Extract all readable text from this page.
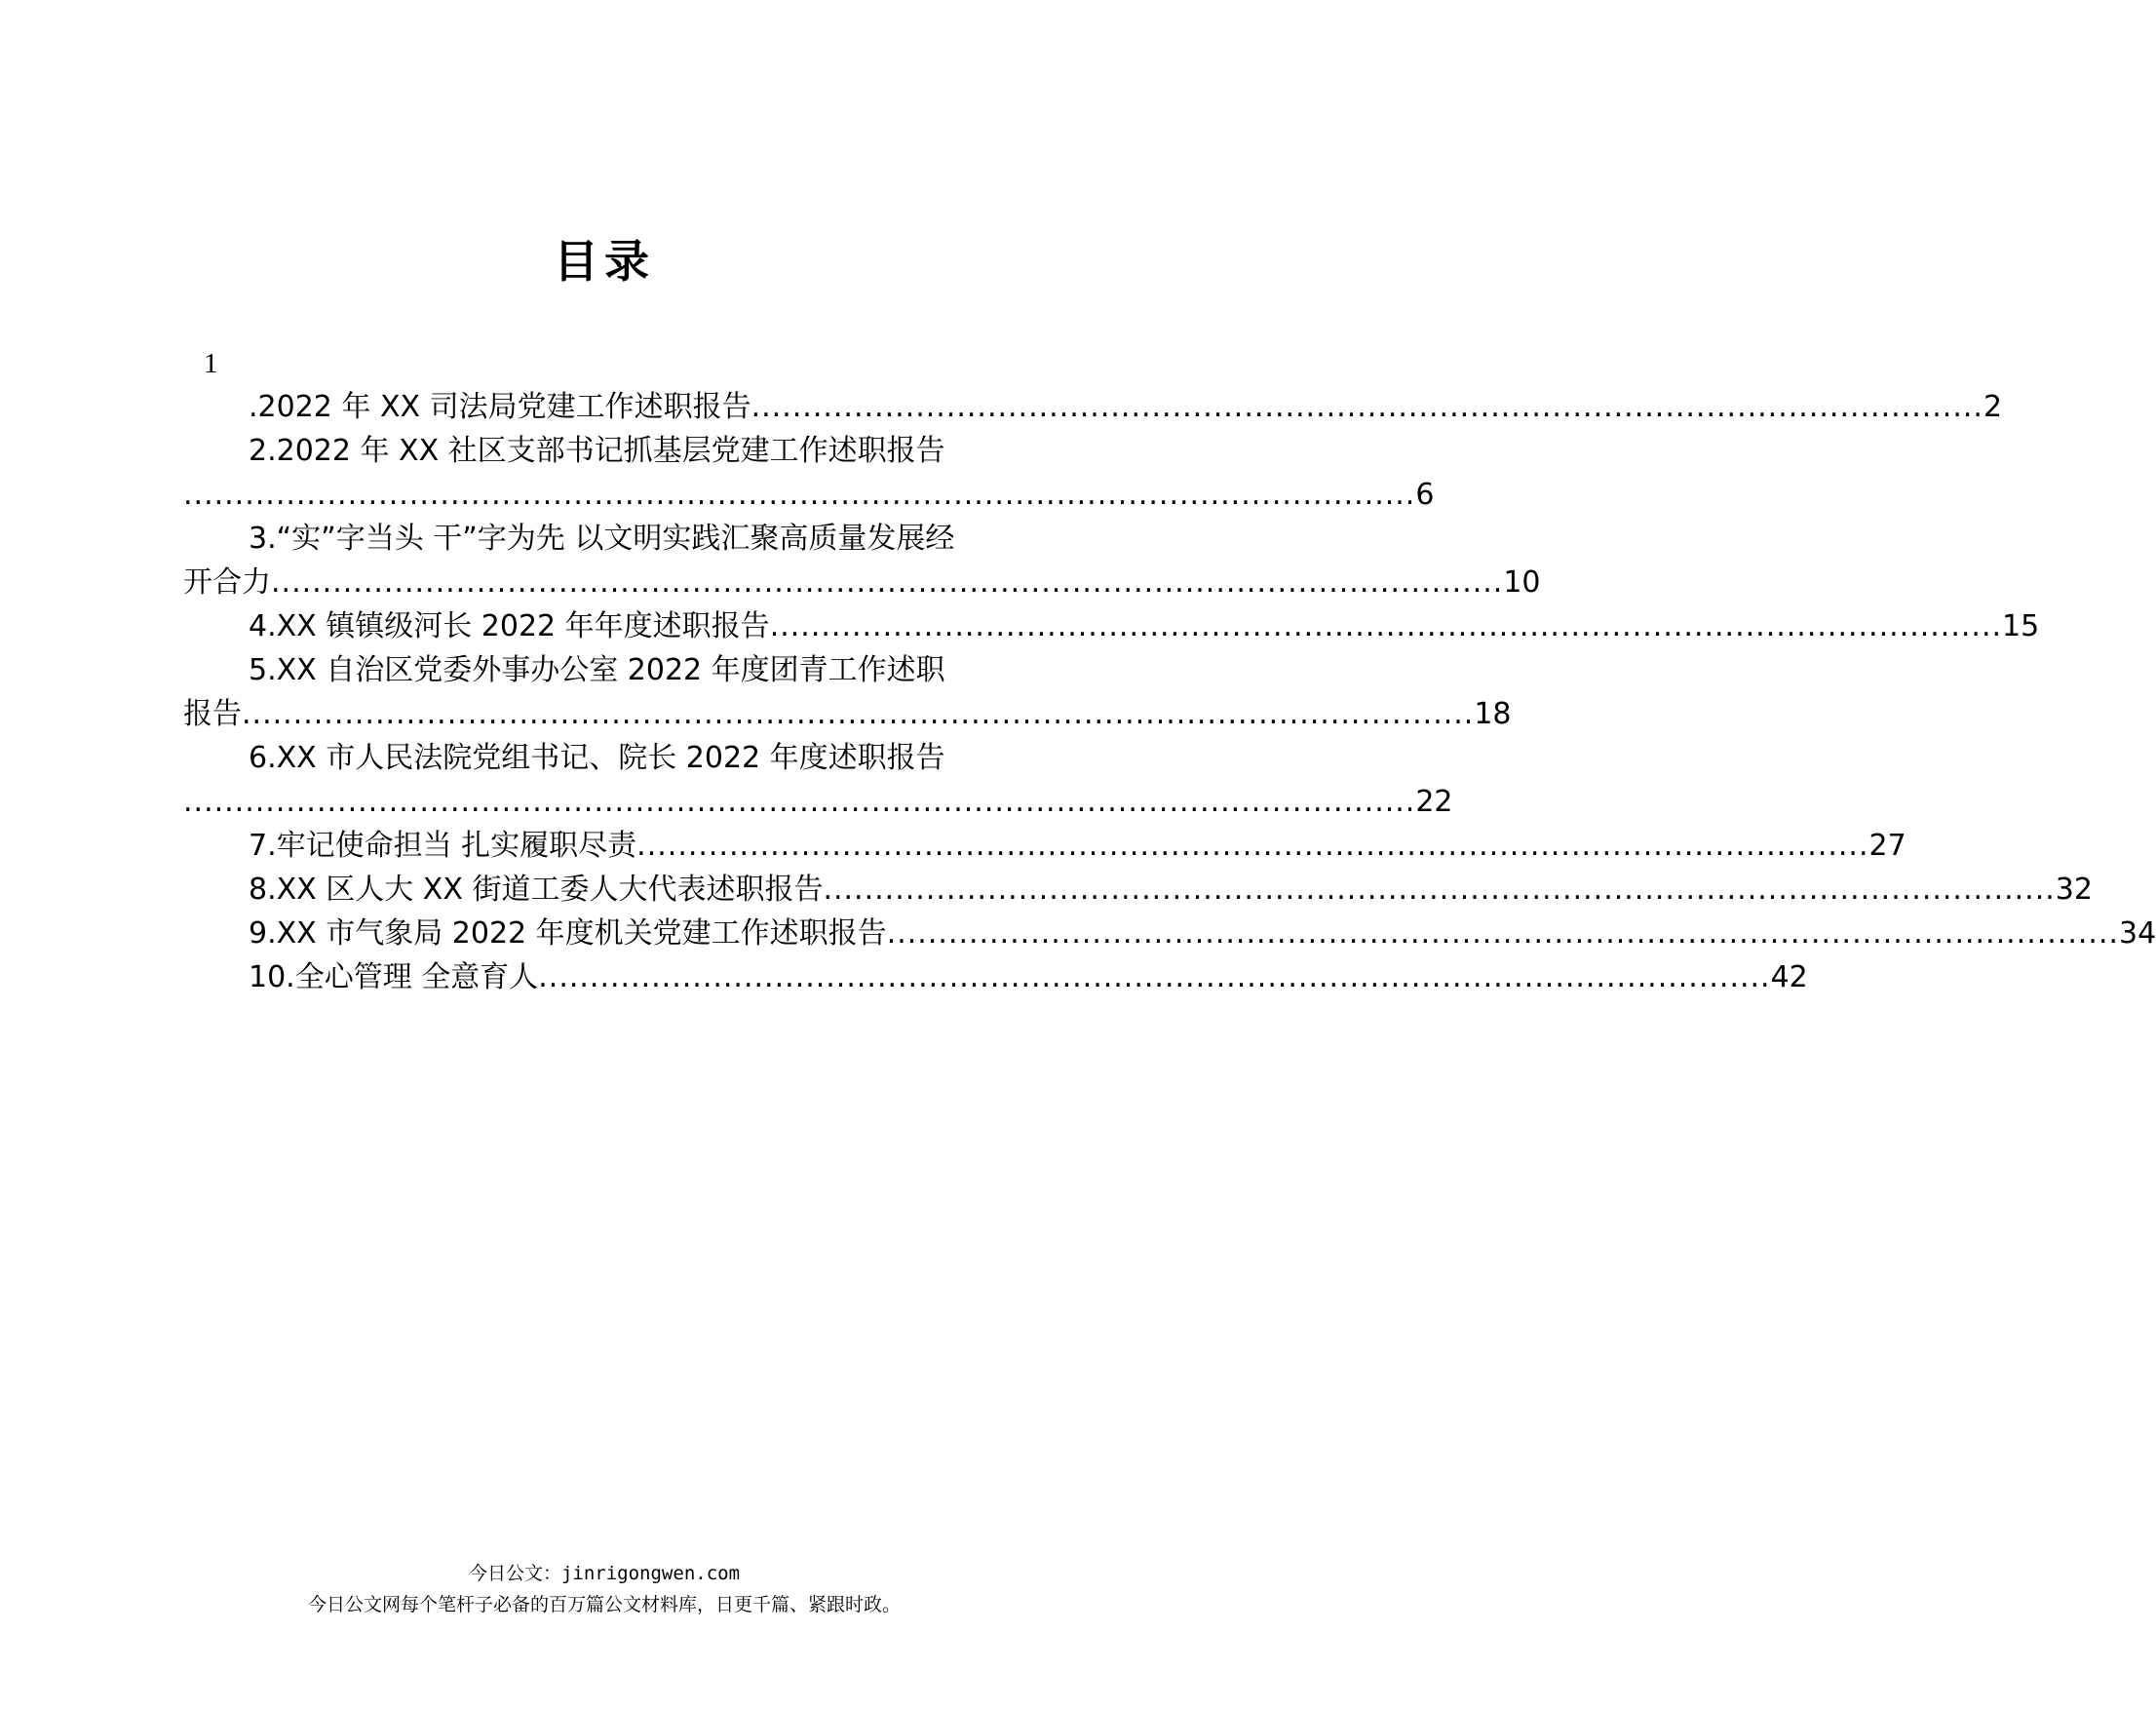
目录
1
.2022 年 XX 司法局党建工作述职报告 ........................................................................................................................ 2
2.2022 年 XX 社区支部书记抓基层党建工作述职报告
........................................................................................................................ 6
3.“实”字当头 干”字为先 以文明实践汇聚高质量发展经
开合力 ........................................................................................................................ 10
4.XX 镇镇级河长 2022 年年度述职报告 ........................................................................................................................ 15
5.XX 自治区党委外事办公室 2022 年度团青工作述职
报告 ........................................................................................................................ 18
6.XX 市人民法院党组书记、院长 2022 年度述职报告
........................................................................................................................ 22
7.牢记使命担当 扎实履职尽责 ........................................................................................................................ 27
8.XX 区人大 XX 街道工委人大代表述职报告 ........................................................................................................................ 32
9.XX 市气象局 2022 年度机关党建工作述职报告 ........................................................................................................................ 34
10.全心管理 全意育人 ........................................................................................................................ 42
今日公文：jinrigongwen.com
今日公文网每个笔杆子必备的百万篇公文材料库，日更千篇、紧跟时政。
